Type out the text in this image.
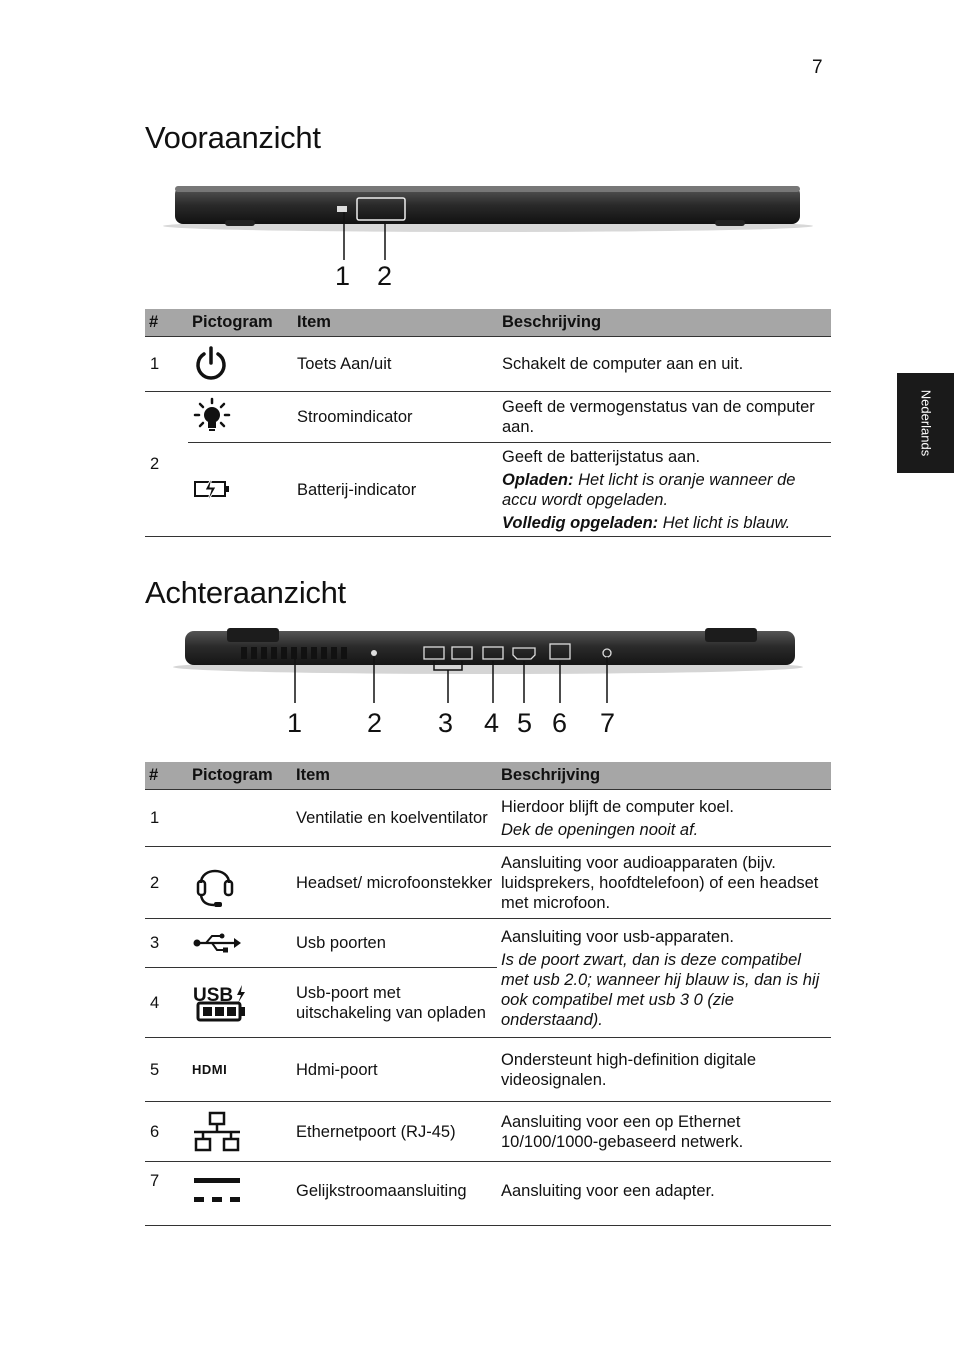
7
Nederlands
Vooraanzicht
1 2
#	Pictogram	Item	Beschrijving
1		Toets Aan/uit	Schakelt de computer aan en uit.
2		Stroomindicator	Geeft de vermogenstatus van de computer aan.

	Batterij-indicator	Geeft de batterijstatus aan.
Opladen: Het licht is oranje wanneer de accu wordt opgeladen.
Volledig opgeladen: Het licht is blauw.
Achteraanzicht
1 2 3 4 5 6 7
#	Pictogram	Item	Beschrijving
1		Ventilatie en koelventilator	Hierdoor blijft de computer koel.
Dek de openingen nooit af.

2		Headset/ microfoonstekker	Aansluiting voor audioapparaten (bijv. luidsprekers, hoofdtelefoon) of een headset met microfoon.
3		Usb poorten	Aansluiting voor usb-apparaten.
Is de poort zwart, dan is deze compatibel met usb 2.0; wanneer hij blauw is, dan is hij ook compatibel met usb 3 0 (zie onderstaand).

4	USB	Usb-poort met uitschakeling van opladen	
5	HDMI	Hdmi-poort	Ondersteunt high-definition digitale videosignalen.
6		Ethernetpoort (RJ-45)	Aansluiting voor een op Ethernet 10/100/1000-gebaseerd netwerk.
7		Gelijkstroomaansluiting	Aansluiting voor een adapter.
